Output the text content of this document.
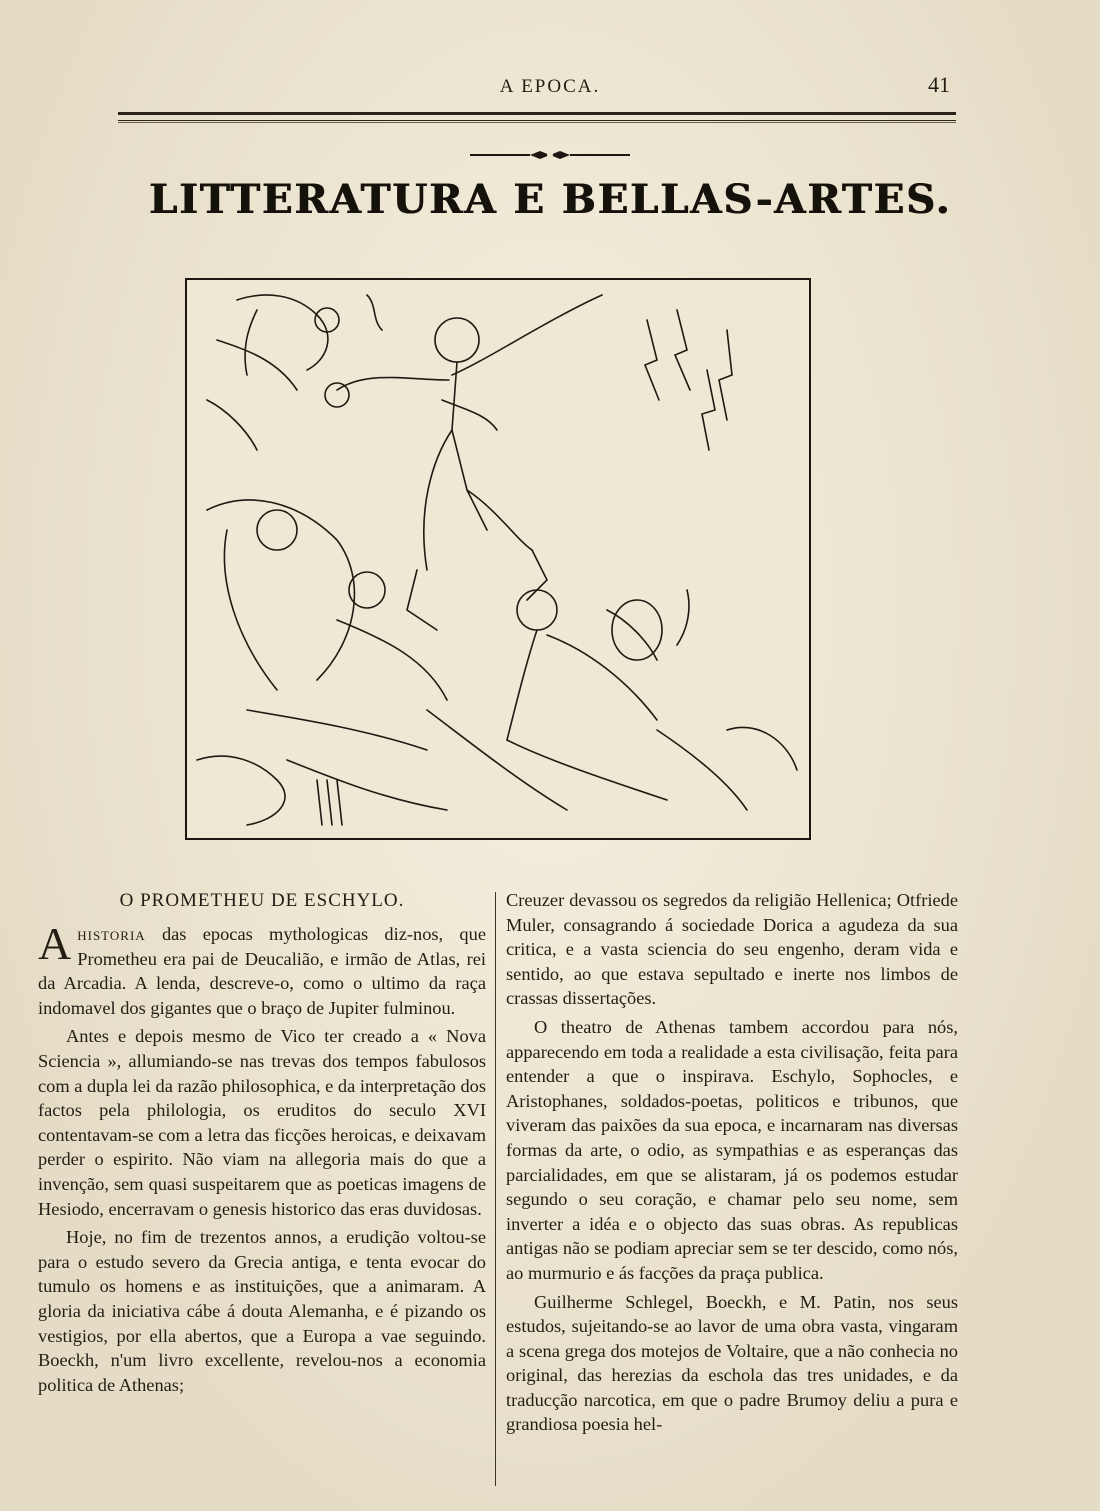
A EPOCA.	41
LITTERATURA E BELLAS-ARTES.
O PROMETHEU DE ESCHYLO.

Ahistoria das epocas mythologicas diz-nos, que Prometheu era pai de Deucalião, e irmão de Atlas, rei da Arcadia. A lenda, descreve-o, como o ultimo da raça indomavel dos gigantes que o braço de Jupiter fulminou.

Antes e depois mesmo de Vico ter creado a « Nova Sciencia », allumiando-se nas trevas dos tempos fabulosos com a dupla lei da razão philosophica, e da interpretação dos factos pela philologia, os eruditos do seculo XVI contentavam-se com a letra das ficções heroicas, e deixavam perder o espirito. Não viam na allegoria mais do que a invenção, sem quasi suspeitarem que as poeticas imagens de Hesiodo, encerravam o genesis historico das eras duvidosas.

Hoje, no fim de trezentos annos, a erudição voltou-se para o estudo severo da Grecia antiga, e tenta evocar do tumulo os homens e as instituições, que a animaram. A gloria da iniciativa cábe á douta Alemanha, e é pizando os vestigios, por ella abertos, que a Europa a vae seguindo. Boeckh, n'um livro excellente, revelou-nos a economia politica de Athenas;

Creuzer devassou os segredos da religião Hellenica; Otfriede Muler, consagrando á sociedade Dorica a agudeza da sua critica, e a vasta sciencia do seu engenho, deram vida e sentido, ao que estava sepultado e inerte nos limbos de crassas dissertações.

O theatro de Athenas tambem accordou para nós, apparecendo em toda a realidade a esta civilisação, feita para entender a que o inspirava. Eschylo, Sophocles, e Aristophanes, soldados-poetas, politicos e tribunos, que viveram das paixões da sua epoca, e incarnaram nas diversas formas da arte, o odio, as sympathias e as esperanças das parcialidades, em que se alistaram, já os podemos estudar segundo o seu coração, e chamar pelo seu nome, sem inverter a idéa e o objecto das suas obras. As republicas antigas não se podiam apreciar sem se ter descido, como nós, ao murmurio e ás facções da praça publica.

Guilherme Schlegel, Boeckh, e M. Patin, nos seus estudos, sujeitando-se ao lavor de uma obra vasta, vingaram a scena grega dos motejos de Voltaire, que a não conhecia no original, das herezias da eschola das tres unidades, e da traducção narcotica, em que o padre Brumoy deliu a pura e grandiosa poesia hel-
